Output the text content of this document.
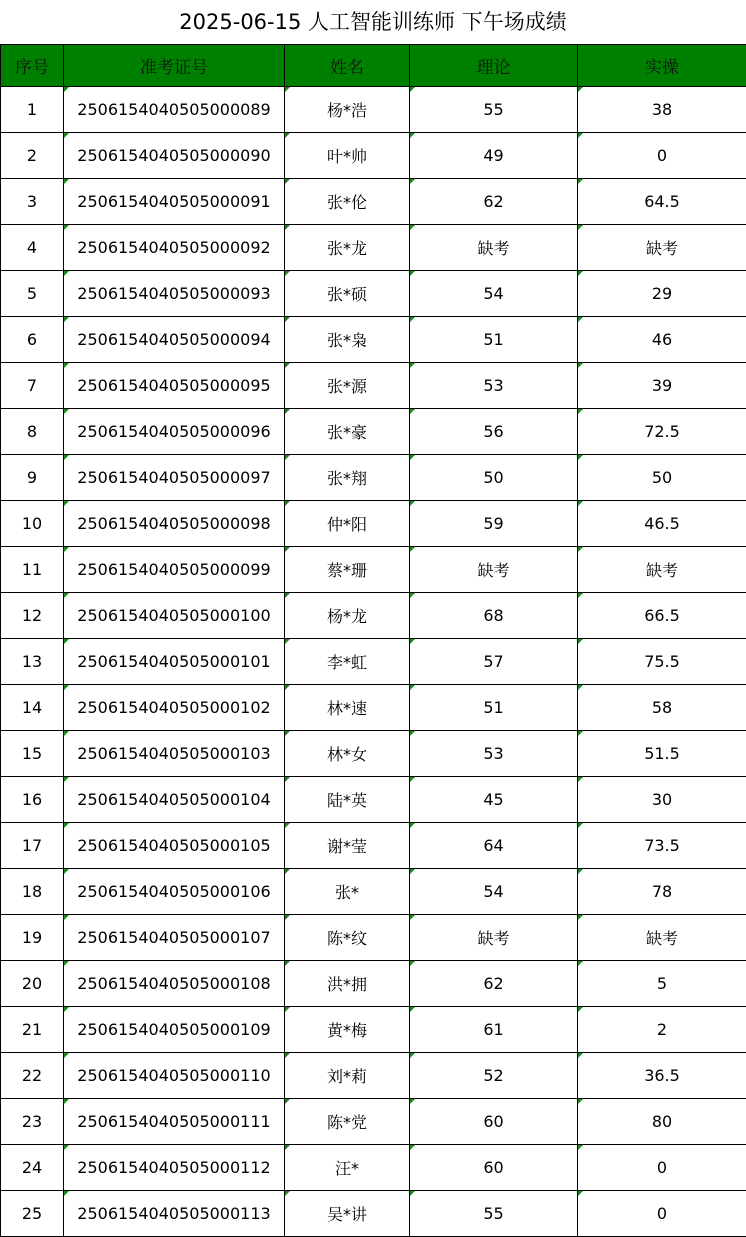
2025-06-15 人工智能训练师 下午场成绩
序号	准考证号	姓名	理论	实操
1	2506154040505000089	杨*浩	55	38
2	2506154040505000090	叶*帅	49	0
3	2506154040505000091	张*伦	62	64.5
4	2506154040505000092	张*龙	缺考	缺考
5	2506154040505000093	张*硕	54	29
6	2506154040505000094	张*枭	51	46
7	2506154040505000095	张*源	53	39
8	2506154040505000096	张*豪	56	72.5
9	2506154040505000097	张*翔	50	50
10	2506154040505000098	仲*阳	59	46.5
11	2506154040505000099	蔡*珊	缺考	缺考
12	2506154040505000100	杨*龙	68	66.5
13	2506154040505000101	李*虹	57	75.5
14	2506154040505000102	林*速	51	58
15	2506154040505000103	林*女	53	51.5
16	2506154040505000104	陆*英	45	30
17	2506154040505000105	谢*莹	64	73.5
18	2506154040505000106	张*	54	78
19	2506154040505000107	陈*纹	缺考	缺考
20	2506154040505000108	洪*拥	62	5
21	2506154040505000109	黄*梅	61	2
22	2506154040505000110	刘*莉	52	36.5
23	2506154040505000111	陈*党	60	80
24	2506154040505000112	汪*	60	0
25	2506154040505000113	吴*讲	55	0
